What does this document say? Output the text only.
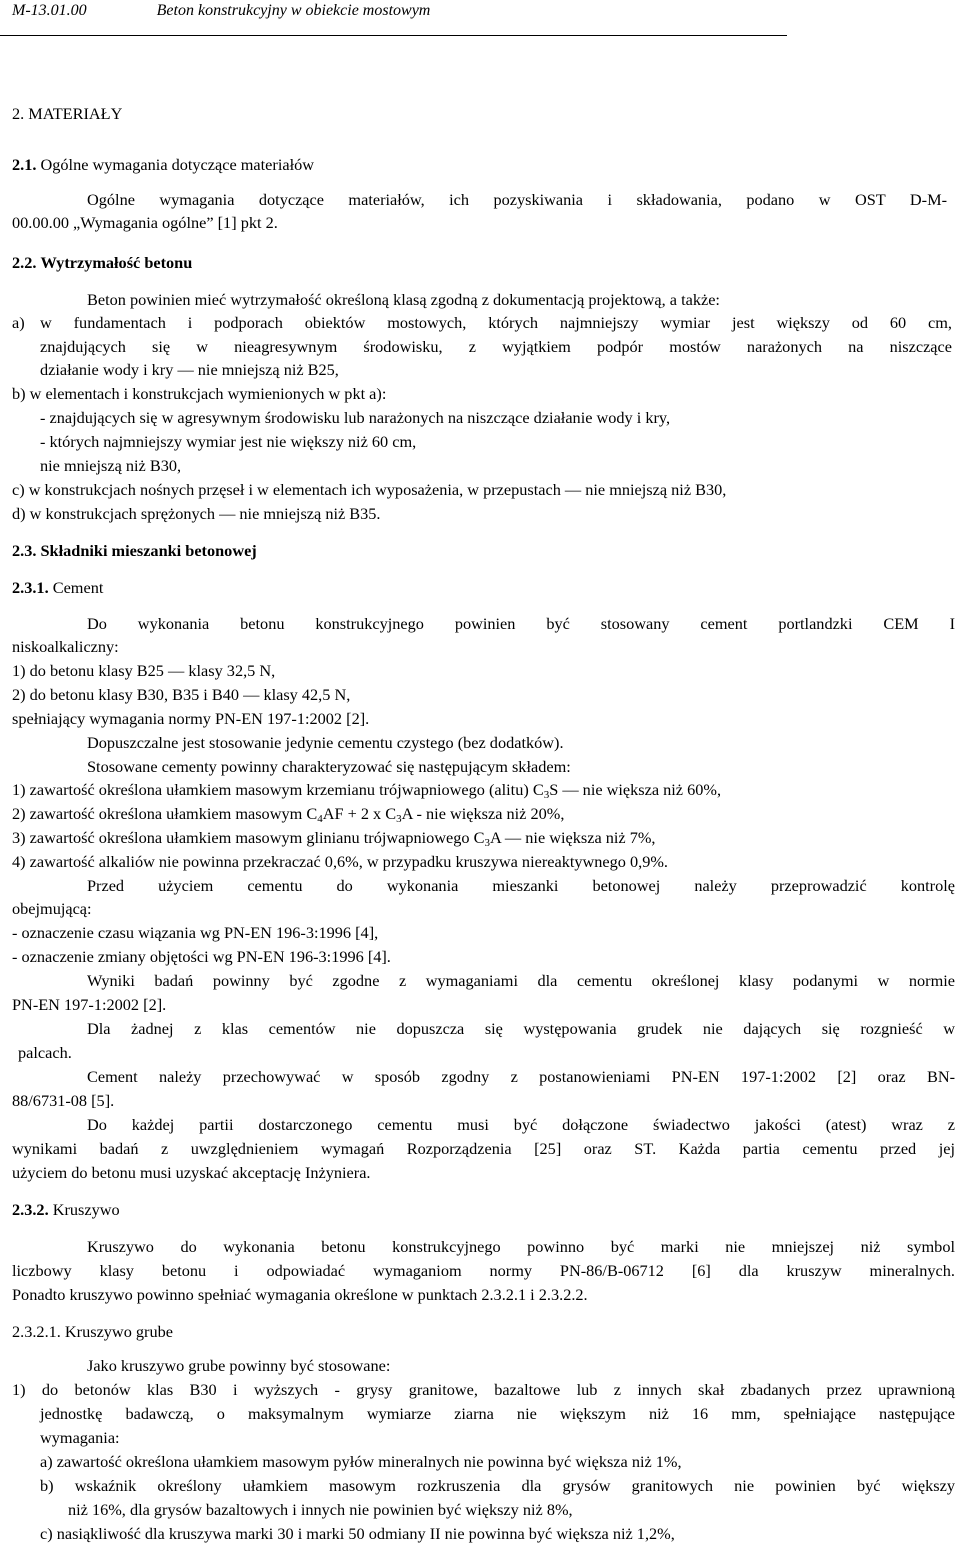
M-13.01.00	Beton konstrukcyjny w obiekcie mostowym
2. MATERIAŁY
2.1. Ogólne wymagania dotyczące materiałów
Ogólne wymagania dotyczące materiałów, ich pozyskiwania i składowania, podano w OST D-M-
00.00.00 „Wymagania ogólne” [1] pkt 2.
2.2. Wytrzymałość betonu
Beton powinien mieć wytrzymałość określoną klasą zgodną z dokumentacją projektową, a także:
a) w fundamentach i podporach obiektów mostowych, których najmniejszy wymiar jest większy od 60 cm,
znajdujących się w nieagresywnym środowisku, z wyjątkiem podpór mostów narażonych na niszczące
działanie wody i kry — nie mniejszą niż B25,
b) w elementach i konstrukcjach wymienionych w pkt a):
- znajdujących się w agresywnym środowisku lub narażonych na niszczące działanie wody i kry,
- których najmniejszy wymiar jest nie większy niż 60 cm,
nie mniejszą niż B30,
c) w konstrukcjach nośnych przęseł i w elementach ich wyposażenia, w przepustach — nie mniejszą niż B30,
d) w konstrukcjach sprężonych — nie mniejszą niż B35.
2.3. Składniki mieszanki betonowej
2.3.1. Cement
Do wykonania betonu konstrukcyjnego powinien być stosowany cement portlandzki CEM I
niskoalkaliczny:
1) do betonu klasy B25 — klasy 32,5 N,
2) do betonu klasy B30, B35 i B40 — klasy 42,5 N,
spełniający wymagania normy PN-EN 197-1:2002 [2].
Dopuszczalne jest stosowanie jedynie cementu czystego (bez dodatków).
Stosowane cementy powinny charakteryzować się następującym składem:
1) zawartość określona ułamkiem masowym krzemianu trójwapniowego (alitu) $C_3S$ — nie większa niż 60%,
2) zawartość określona ułamkiem masowym $C_4AF + 2$ x $C_3A$ - nie większa niż 20%,
3) zawartość określona ułamkiem masowym glinianu trójwapniowego $C_3A$ — nie większa niż 7%,
4) zawartość alkaliów nie powinna przekraczać 0,6%, w przypadku kruszywa niereaktywnego 0,9%.
Przed użyciem cementu do wykonania mieszanki betonowej należy przeprowadzić kontrolę
obejmującą:
- oznaczenie czasu wiązania wg PN-EN 196-3:1996 [4],
- oznaczenie zmiany objętości wg PN-EN 196-3:1996 [4].
Wyniki badań powinny być zgodne z wymaganiami dla cementu określonej klasy podanymi w normie
PN-EN 197-1:2002 [2].
Dla żadnej z klas cementów nie dopuszcza się występowania grudek nie dających się rozgnieść w
palcach.
Cement należy przechowywać w sposób zgodny z postanowieniami PN-EN 197-1:2002 [2] oraz BN-
88/6731-08 [5].
Do każdej partii dostarczonego cementu musi być dołączone świadectwo jakości (atest) wraz z
wynikami badań z uwzględnieniem wymagań Rozporządzenia [25] oraz ST. Każda partia cementu przed jej
użyciem do betonu musi uzyskać akceptację Inżyniera.
2.3.2. Kruszywo
Kruszywo do wykonania betonu konstrukcyjnego powinno być marki nie mniejszej niż symbol
liczbowy klasy betonu i odpowiadać wymaganiom normy PN-86/B-06712 [6] dla kruszyw mineralnych.
Ponadto kruszywo powinno spełniać wymagania określone w punktach 2.3.2.1 i 2.3.2.2.
2.3.2.1. Kruszywo grube
Jako kruszywo grube powinny być stosowane:
1) do betonów klas B30 i wyższych - grysy granitowe, bazaltowe lub z innych skał zbadanych przez uprawnioną
jednostkę badawczą, o maksymalnym wymiarze ziarna nie większym niż 16 mm, spełniające następujące
wymagania:
a) zawartość określona ułamkiem masowym pyłów mineralnych nie powinna być większa niż 1%,
b) wskaźnik określony ułamkiem masowym rozkruszenia dla grysów granitowych nie powinien być większy
niż 16%, dla grysów bazaltowych i innych nie powinien być większy niż 8%,
c) nasiąkliwość dla kruszywa marki 30 i marki 50 odmiany II nie powinna być większa niż 1,2%,
